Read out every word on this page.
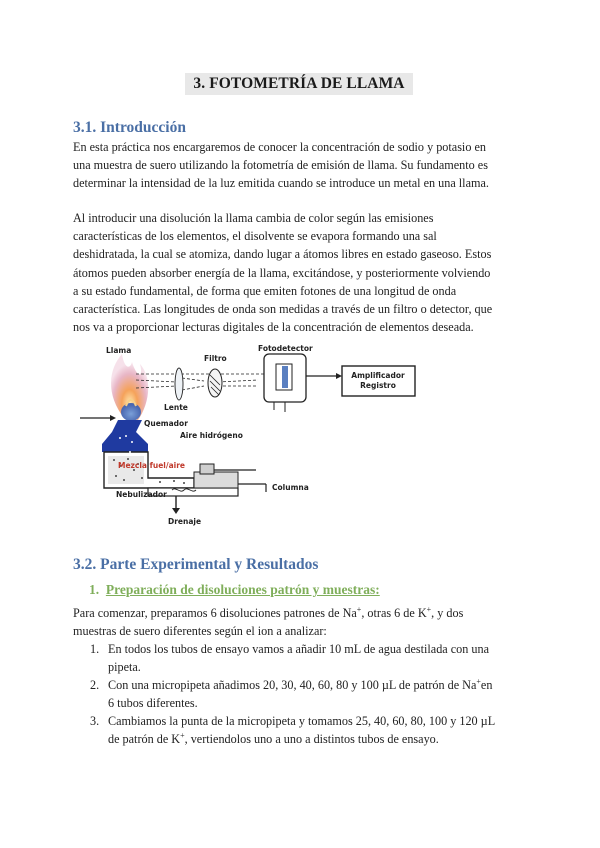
3. FOTOMETRÍA DE LLAMA
3.1. Introducción
En esta práctica nos encargaremos de conocer la concentración de sodio y potasio en
una muestra de suero utilizando la fotometría de emisión de llama. Su fundamento es
determinar la intensidad de la luz emitida cuando se introduce un metal en una llama.
Al introducir una disolución la llama cambia de color según las emisiones
características de los elementos, el disolvente se evapora formando una sal
deshidratada, la cual se atomiza, dando lugar a átomos libres en estado gaseoso. Estos
átomos pueden absorber energía de la llama, excitándose, y posteriormente volviendo
a su estado fundamental, de forma que emiten fotones de una longitud de onda
característica. Las longitudes de onda son medidas a través de un filtro o detector, que
nos va a proporcionar lecturas digitales de la concentración de elementos deseada.
Amplificador
Registro
Llama
Filtro
Fotodetector
Lente
Quemador
Aire hidrógeno
Mezcla fuel/aire
Nebulizador
Columna
Drenaje
3.2. Parte Experimental y Resultados
1. Preparación de disoluciones patrón y muestras:
Para comenzar, preparamos 6 disoluciones patrones de Na+, otras 6 de K+, y dos
muestras de suero diferentes según el ion a analizar:
1. En todos los tubos de ensayo vamos a añadir 10 mL de agua destilada con una
pipeta.
2. Con una micropipeta añadimos 20, 30, 40, 60, 80 y 100 µL de patrón de Na+en
6 tubos diferentes.
3. Cambiamos la punta de la micropipeta y tomamos 25, 40, 60, 80, 100 y 120 µL
de patrón de K+, vertiendolos uno a uno a distintos tubos de ensayo.
